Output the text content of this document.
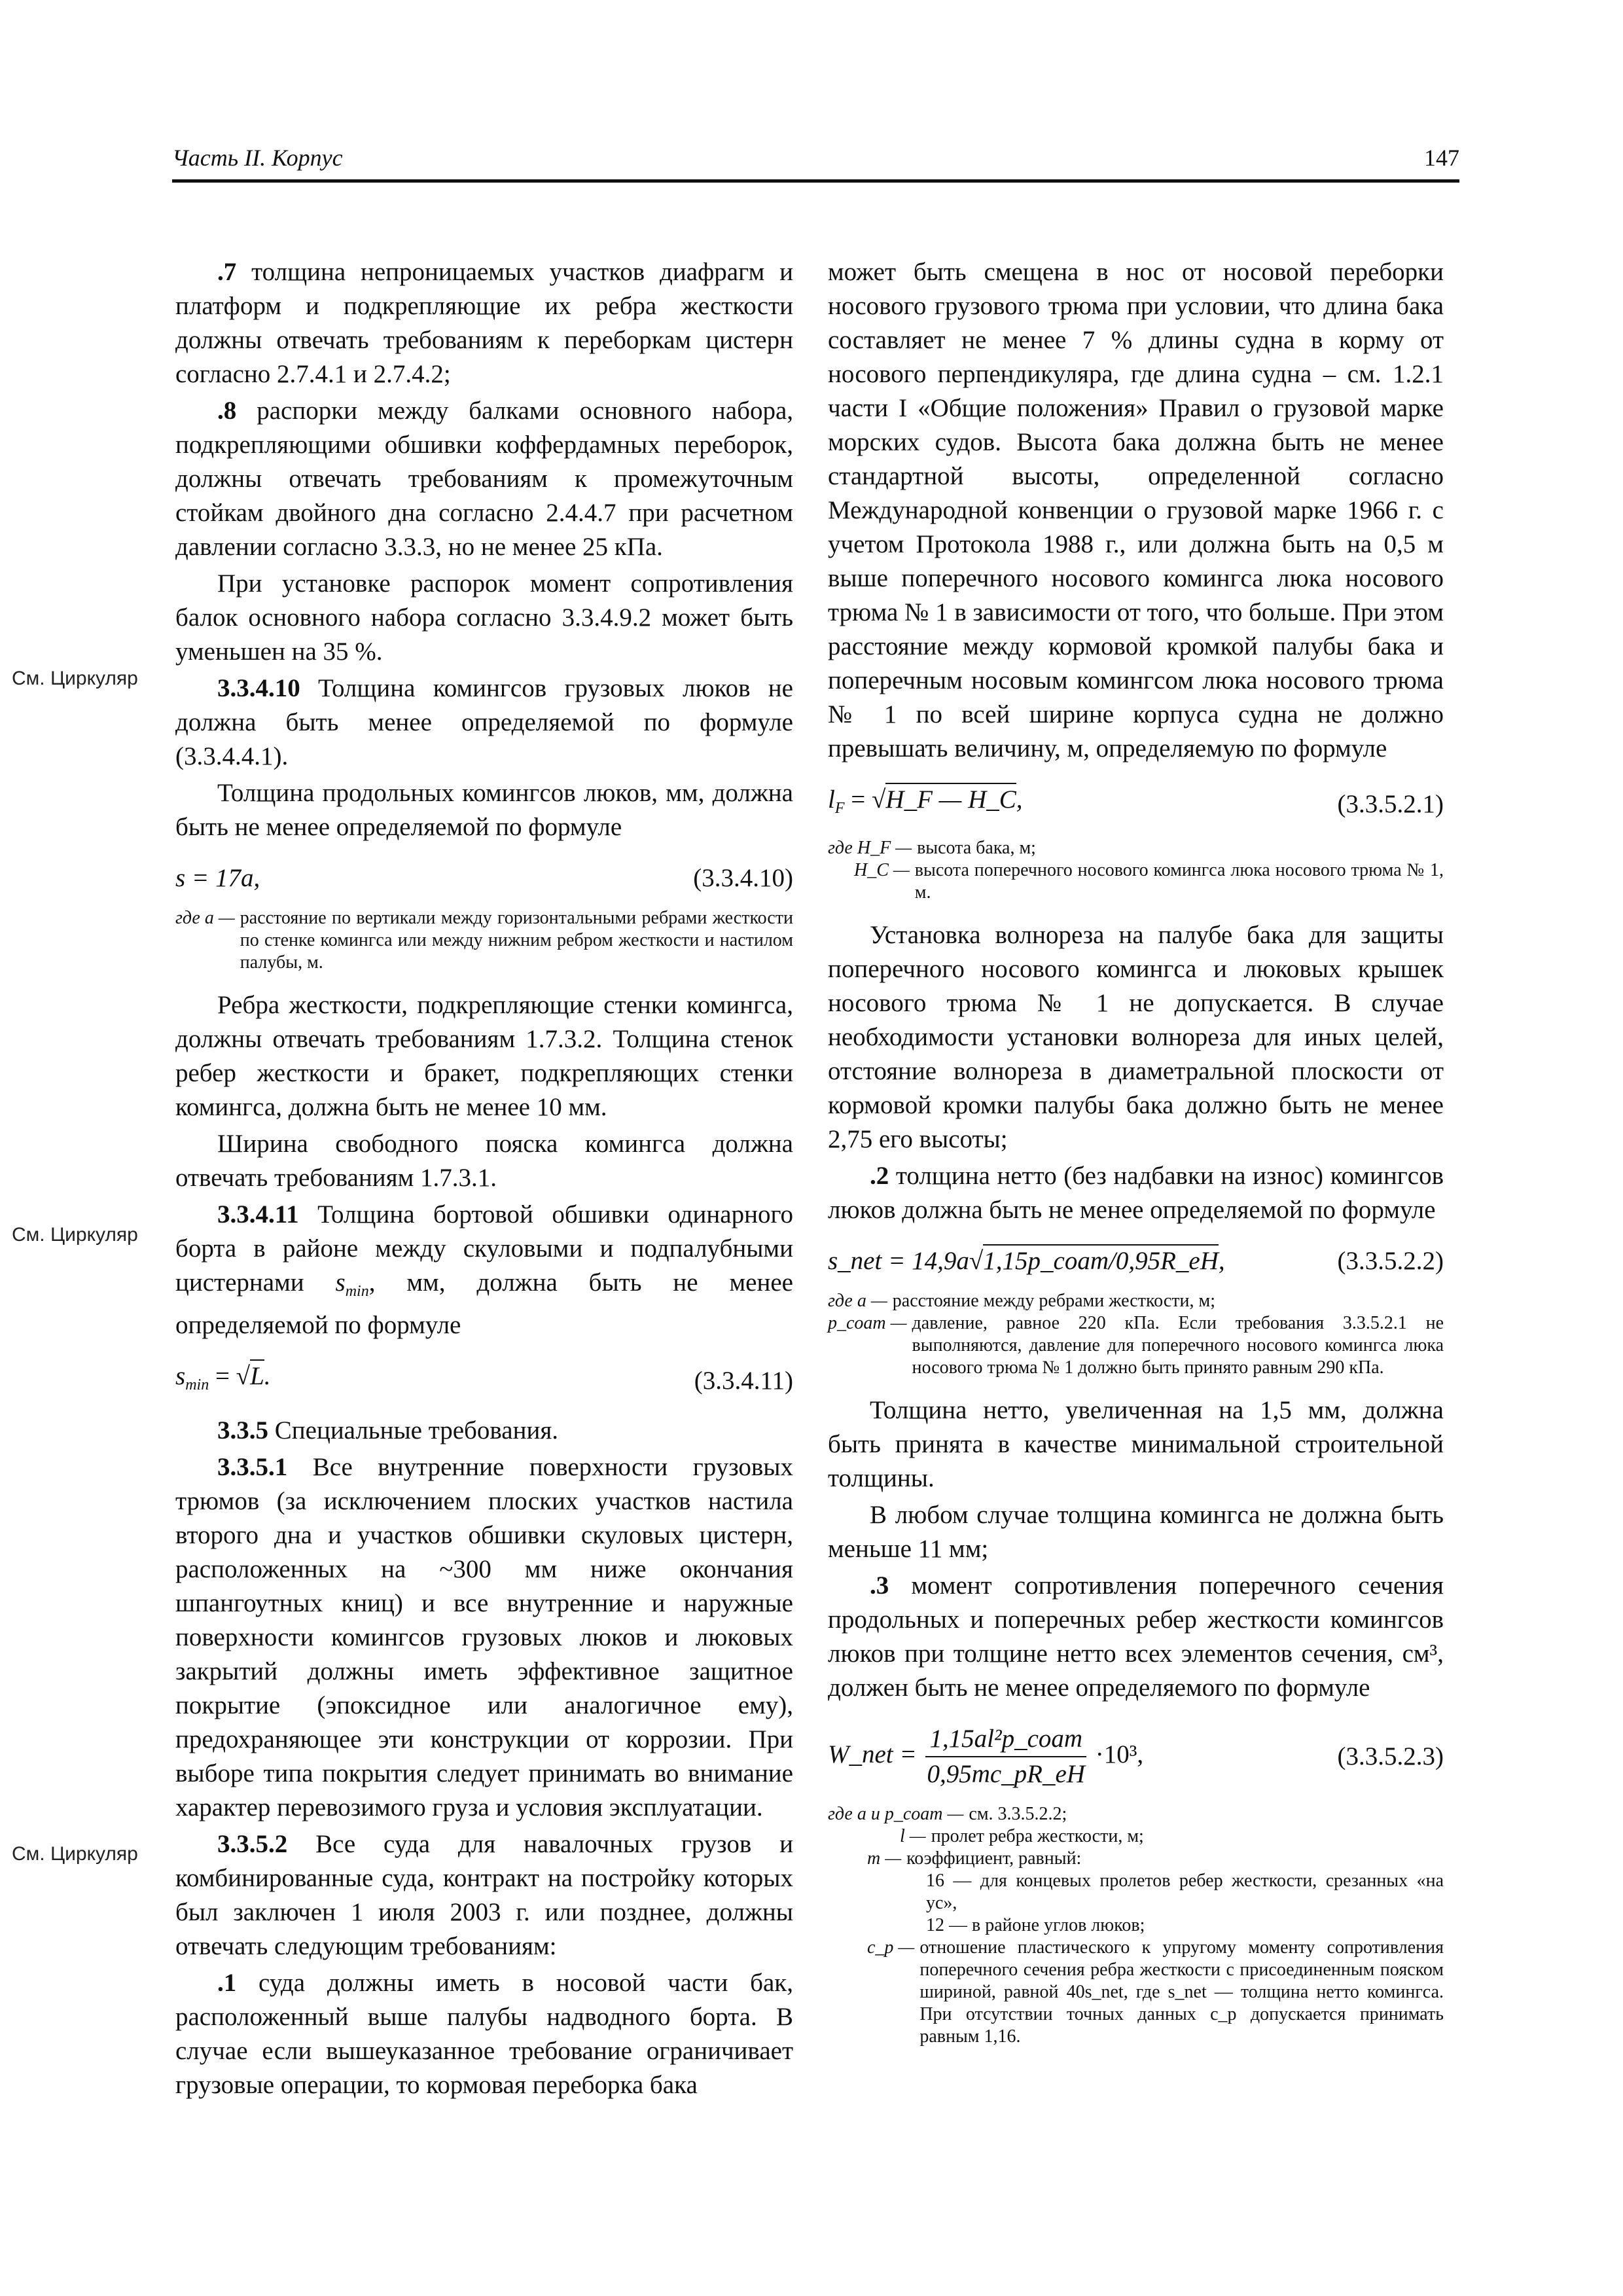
Часть II. Корпус	147
См. Циркуляр
См. Циркуляр
См. Циркуляр

.7 толщина непроницаемых участков диафрагм и платформ и подкрепляющие их ребра жесткости должны отвечать требованиям к переборкам цистерн согласно 2.7.4.1 и 2.7.4.2;

.8 распорки между балками основного набора, подкрепляющими обшивки коффердамных переборок, должны отвечать требованиям к промежуточным стойкам двойного дна согласно 2.4.4.7 при расчетном давлении согласно 3.3.3, но не менее 25 кПа.

При установке распорок момент сопротивления балок основного набора согласно 3.3.4.9.2 может быть уменьшен на 35 %.

3.3.4.10 Толщина комингсов грузовых люков не должна быть менее определяемой по формуле (3.3.4.4.1).

Толщина продольных комингсов люков, мм, должна быть не менее определяемой по формуле

s = 17a,	(3.3.4.10)
где a — расстояние по вертикали между горизонтальными ребрами жесткости по стенке комингса или между нижним ребром жесткости и настилом палубы, м.

Ребра жесткости, подкрепляющие стенки комингса, должны отвечать требованиям 1.7.3.2. Толщина стенок ребер жесткости и бракет, подкрепляющих стенки комингса, должна быть не менее 10 мм.

Ширина свободного пояска комингса должна отвечать требованиям 1.7.3.1.

3.3.4.11 Толщина бортовой обшивки одинарного борта в районе между скуловыми и подпалубными цистернами $s_{min}$, мм, должна быть не менее определяемой по формуле

$s_{min} = √L$.	(3.3.4.11)

3.3.5 Специальные требования.

3.3.5.1 Все внутренние поверхности грузовых трюмов (за исключением плоских участков настила второго дна и участков обшивки скуловых цистерн, расположенных на ~300 мм ниже окончания шпангоутных книц) и все внутренние и наружные поверхности комингсов грузовых люков и люковых закрытий должны иметь эффективное защитное покрытие (эпоксидное или аналогичное ему), предохраняющее эти конструкции от коррозии. При выборе типа покрытия следует принимать во внимание характер перевозимого груза и условия эксплуатации.

3.3.5.2 Все суда для навалочных грузов и комбинированные суда, контракт на постройку которых был заключен 1 июля 2003 г. или позднее, должны отвечать следующим требованиям:

.1 суда должны иметь в носовой части бак, расположенный выше палубы надводного борта. В случае если вышеуказанное требование ограничивает грузовые операции, то кормовая переборка бака

может быть смещена в нос от носовой переборки носового грузового трюма при условии, что длина бака составляет не менее 7 % длины судна в корму от носового перпендикуляра, где длина судна – см. 1.2.1 части I «Общие положения» Правил о грузовой марке морских судов. Высота бака должна быть не менее стандартной высоты, определенной согласно Международной конвенции о грузовой марке 1966 г. с учетом Протокола 1988 г., или должна быть на 0,5 м выше поперечного носового комингса люка носового трюма № 1 в зависимости от того, что больше. При этом расстояние между кормовой кромкой палубы бака и поперечным носовым комингсом люка носового трюма № 1 по всей ширине корпуса судна не должно превышать величину, м, определяемую по формуле

$l_F$ = √H_F — H_C,	(3.3.5.2.1)
где H_F — высота бака, м;
H_C — высота поперечного носового комингса люка носового трюма № 1, м.

Установка волнореза на палубе бака для защиты поперечного носового комингса и люковых крышек носового трюма № 1 не допускается. В случае необходимости установки волнореза для иных целей, отстояние волнореза в диаметральной плоскости от кормовой кромки палубы бака должно быть не менее 2,75 его высоты;

.2 толщина нетто (без надбавки на износ) комингсов люков должна быть не менее определяемой по формуле

s_net = 14,9a√1,15p_coam/0,95R_eH,	(3.3.5.2.2)
где a — расстояние между ребрами жесткости, м;
p_coam — давление, равное 220 кПа. Если требования 3.3.5.2.1 не выполняются, давление для поперечного носового комингса люка носового трюма № 1 должно быть принято равным 290 кПа.

Толщина нетто, увеличенная на 1,5 мм, должна быть принята в качестве минимальной строительной толщины.

В любом случае толщина комингса не должна быть меньше 11 мм;

.3 момент сопротивления поперечного сечения продольных и поперечных ребер жесткости комингсов люков при толщине нетто всех элементов сечения, см³, должен быть не менее определяемого по формуле

W_net = $\frac{\text{1,15al²p\_coam}}{0,95mc\_pR\_eH} \cdot 10^3$,	(3.3.5.2.3)
где a и p_coam — см. 3.3.5.2.2;
l — пролет ребра жесткости, м;
m — коэффициент, равный:
16 — для концевых пролетов ребер жесткости, срезанных «на ус»,
12 — в районе углов люков;
c_p — отношение пластического к упругому моменту сопротивления поперечного сечения ребра жесткости с присоединенным пояском шириной, равной 40s_net, где s_net — толщина нетто комингса. При отсутствии точных данных c_p допускается принимать равным 1,16.
